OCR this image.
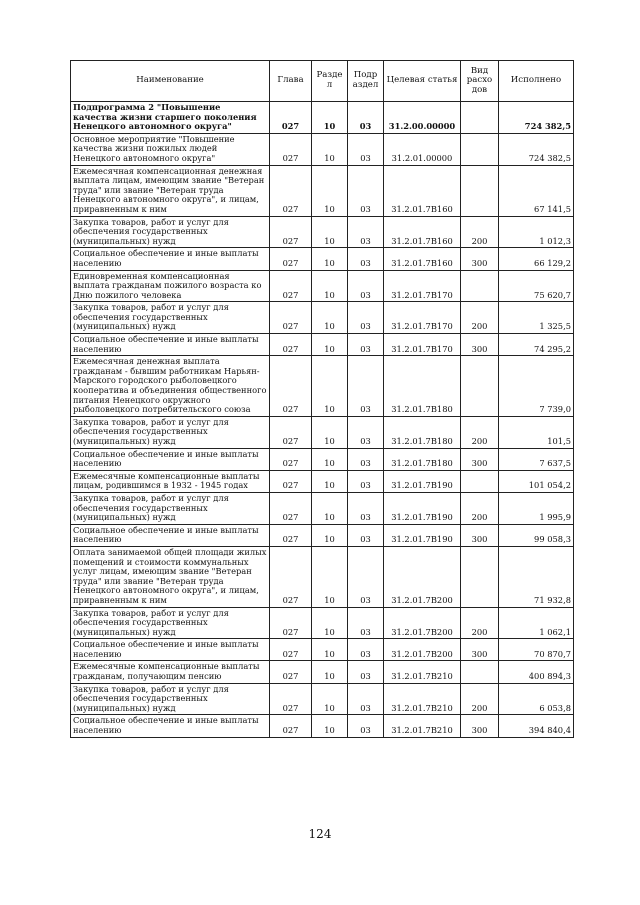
Наименование	Глава	Разде л	Подр аздел	Целевая статья	Вид расхо дов	Исполнено
Подпрограмма 2 "Повышение качества жизни старшего поколения Ненецкого автономного округа"	027	10	03	31.2.00.00000		724 382,5
Основное мероприятие "Повышение качества жизни пожилых людей Ненецкого автономного округа"	027	10	03	31.2.01.00000		724 382,5
Ежемесячная компенсационная денежная выплата лицам, имеющим звание "Ветеран труда" или звание "Ветеран труда Ненецкого автономного округа", и лицам, приравненным к ним	027	10	03	31.2.01.7В160		67 141,5
Закупка товаров, работ и услуг для обеспечения государственных (муниципальных) нужд	027	10	03	31.2.01.7В160	200	1 012,3
Социальное обеспечение и иные выплаты населению	027	10	03	31.2.01.7В160	300	66 129,2
Единовременная компенсационная выплата гражданам пожилого возраста ко Дню пожилого человека	027	10	03	31.2.01.7В170		75 620,7
Закупка товаров, работ и услуг для обеспечения государственных (муниципальных) нужд	027	10	03	31.2.01.7В170	200	1 325,5
Социальное обеспечение и иные выплаты населению	027	10	03	31.2.01.7В170	300	74 295,2
Ежемесячная денежная выплата гражданам - бывшим работникам Нарьян-Марского городского рыболовецкого кооператива и объединения общественного питания Ненецкого окружного рыболовецкого потребительского союза	027	10	03	31.2.01.7В180		7 739,0
Закупка товаров, работ и услуг для обеспечения государственных (муниципальных) нужд	027	10	03	31.2.01.7В180	200	101,5
Социальное обеспечение и иные выплаты населению	027	10	03	31.2.01.7В180	300	7 637,5
Ежемесячные компенсационные выплаты лицам, родившимся в 1932 - 1945 годах	027	10	03	31.2.01.7В190		101 054,2
Закупка товаров, работ и услуг для обеспечения государственных (муниципальных) нужд	027	10	03	31.2.01.7В190	200	1 995,9
Социальное обеспечение и иные выплаты населению	027	10	03	31.2.01.7В190	300	99 058,3
Оплата занимаемой общей площади жилых помещений и стоимости коммунальных услуг лицам, имеющим звание "Ветеран труда" или звание "Ветеран труда Ненецкого автономного округа", и лицам, приравненным к ним	027	10	03	31.2.01.7В200		71 932,8
Закупка товаров, работ и услуг для обеспечения государственных (муниципальных) нужд	027	10	03	31.2.01.7В200	200	1 062,1
Социальное обеспечение и иные выплаты населению	027	10	03	31.2.01.7В200	300	70 870,7
Ежемесячные компенсационные выплаты гражданам, получающим пенсию	027	10	03	31.2.01.7В210		400 894,3
Закупка товаров, работ и услуг для обеспечения государственных (муниципальных) нужд	027	10	03	31.2.01.7В210	200	6 053,8
Социальное обеспечение и иные выплаты населению	027	10	03	31.2.01.7В210	300	394 840,4
124
